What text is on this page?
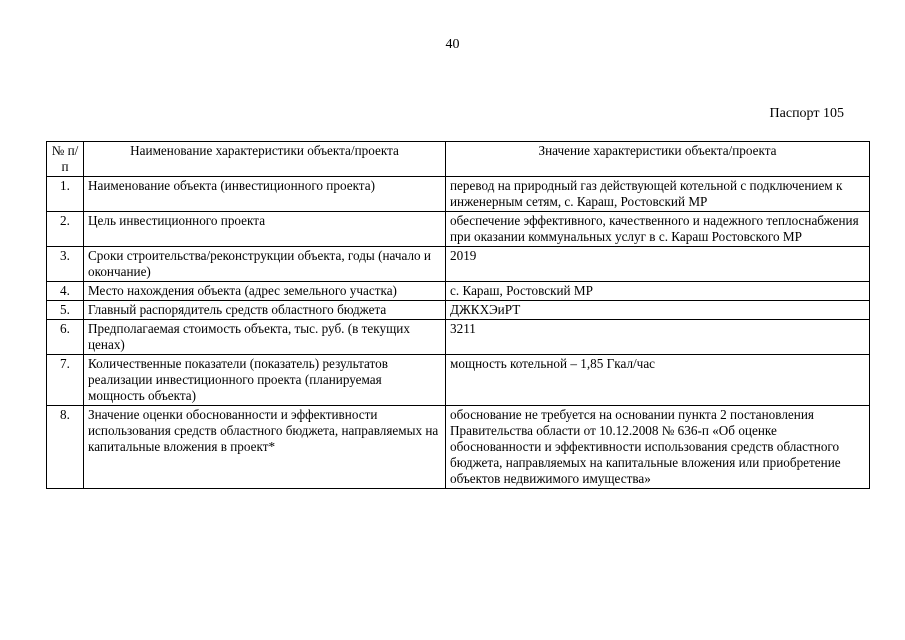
40
Паспорт 105
№ п/п	Наименование характеристики объекта/проекта	Значение характеристики объекта/проекта
1.	Наименование объекта (инвестиционного проекта)	перевод на природный газ действующей котельной с подключением к инженерным сетям, с. Караш, Ростовский МР
2.	Цель инвестиционного проекта	обеспечение эффективного, качественного и надежного теплоснабжения при оказании коммунальных услуг в с. Караш Ростовского МР
3.	Сроки строительства/реконструкции объекта, годы (начало и окончание)	2019
4.	Место нахождения объекта (адрес земельного участка)	с. Караш, Ростовский МР
5.	Главный распорядитель средств областного бюджета	ДЖКХЭиРТ
6.	Предполагаемая стоимость объекта, тыс. руб. (в текущих ценах)	3211
7.	Количественные показатели (показатель) результатов реализации инвестиционного проекта (планируемая мощность объекта)	мощность котельной – 1,85 Гкал/час
8.	Значение оценки обоснованности и эффективности использования средств областного бюджета, направляемых на капитальные вложения в проект*	обоснование не требуется на основании пункта 2 постановления Правительства области от 10.12.2008 № 636-п «Об оценке обоснованности и эффективности использования средств областного бюджета, направляемых на капитальные вложения или приобретение объектов недвижимого имущества»
